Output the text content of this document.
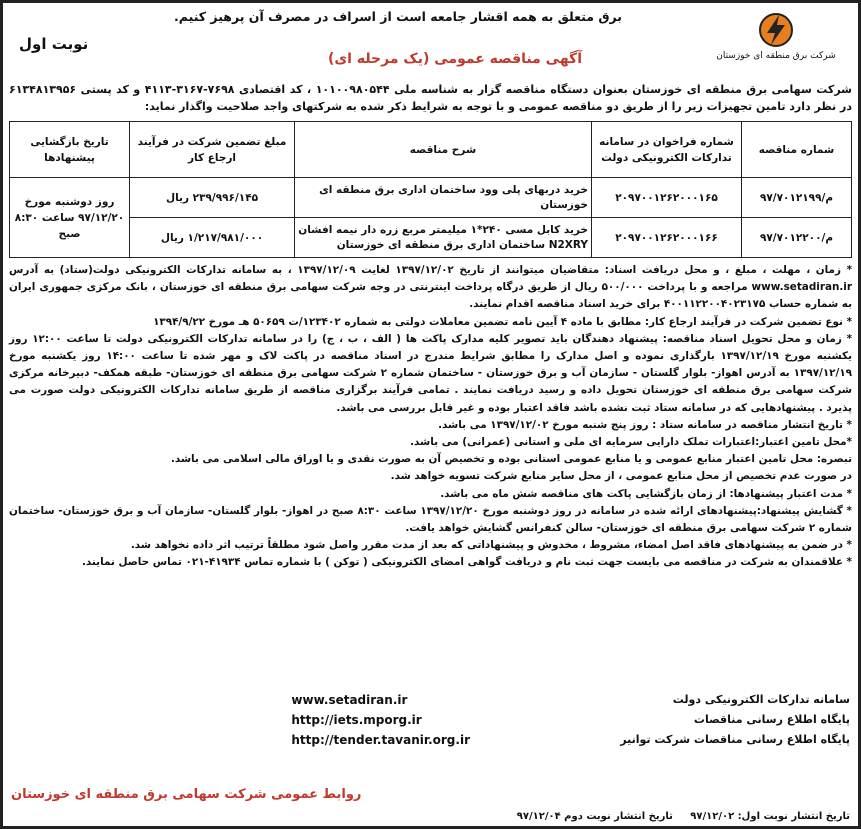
برق متعلق به همه اقشار جامعه است از اسراف در مصرف آن پرهیز کنیم.
نوبت اول
آگهی مناقصه عمومی (یک مرحله ای)	شرکت برق منطقه ای خوزستان
شرکت سهامی برق منطقه ای خوزستان بعنوان دستگاه مناقصه گزار به شناسه ملی ۱۰۱۰۰۹۸۰۵۴۴ ، کد اقتصادی ۷۶۹۸-۳۱۶۷-۴۱۱۳ و کد پستی ۶۱۳۴۸۱۳۹۵۶ در نظر دارد تامین تجهیزات زیر را از طریق دو مناقصه عمومی و با توجه به شرایط ذکر شده به شرکتهای واجد صلاحیت واگذار نماید:
شماره مناقصه	شماره فراخوان در سامانه تدارکات الکترونیکی دولت	شرح مناقصه	مبلغ تضمین شرکت در فرآیند ارجاع کار	تاریخ بازگشایی پیشنهادها
م/۹۷/۷۰۱۲۱۹۹	۲۰۹۷۰۰۱۲۶۲۰۰۰۱۶۵	خرید دربهای پلی وود ساختمان اداری برق منطقه ای خوزستان	۲۳۹/۹۹۶/۱۴۵ ریال	روز دوشنبه مورخ ۹۷/۱۲/۲۰ ساعت ۸:۳۰ صبح
م/۹۷/۷۰۱۲۲۰۰	۲۰۹۷۰۰۱۲۶۲۰۰۰۱۶۶	خرید کابل مسی ۲۴۰*۱ میلیمتر مربع زره دار نیمه افشان N2XRY ساختمان اداری برق منطقه ای خوزستان	۱/۲۱۷/۹۸۱/۰۰۰ ریال	

* زمان ، مهلت ، مبلغ ، و محل دریافت اسناد: متقاضیان میتوانند از تاریخ ۱۳۹۷/۱۲/۰۲ لغایت ۱۳۹۷/۱۲/۰۹ ، به سامانه تدارکات الکترونیکی دولت(ستاد) به آدرس www.setadiran.ir مراجعه و با پرداخت ۵۰۰/۰۰۰ ریال از طریق درگاه پرداخت اینترنتی در وجه شرکت سهامی برق منطقه ای خوزستان ، بانک مرکزی جمهوری ایران به شماره حساب ۴۰۰۱۱۲۲۰۰۴۰۲۳۱۷۵ برای خرید اسناد مناقصه اقدام نمایند.

* نوع تضمین شرکت در فرآیند ارجاع کار: مطابق با ماده ۴ آیین نامه تضمین معاملات دولتی به شماره ۱۲۳۴۰۲/ت ۵۰۶۵۹ هـ مورخ ۱۳۹۴/۹/۲۲

* زمان و محل تحویل اسناد مناقصه: پیشنهاد دهندگان باید تصویر کلیه مدارک پاکت ها ( الف ، ب ، ج) را در سامانه تدارکات الکترونیکی دولت تا ساعت ۱۲:۰۰ روز یکشنبه مورخ ۱۳۹۷/۱۲/۱۹ بارگذاری نموده و اصل مدارک را مطابق شرایط مندرج در اسناد مناقصه در پاکت لاک و مهر شده تا ساعت ۱۴:۰۰ روز یکشنبه مورخ ۱۳۹۷/۱۲/۱۹ به آدرس اهواز- بلوار گلستان - سازمان آب و برق خوزستان - ساختمان شماره ۲ شرکت سهامی برق منطقه ای خوزستان- طبقه همکف- دبیرخانه مرکزی شرکت سهامی برق منطقه ای خوزستان تحویل داده و رسید دریافت نمایند . تمامی فرآیند برگزاری مناقصه از طریق سامانه تدارکات الکترونیکی دولت صورت می پذیرد . پیشنهادهایی که در سامانه ستاد ثبت نشده باشد فاقد اعتبار بوده و غیر قابل بررسی می باشد.

* تاریخ انتشار مناقصه در سامانه ستاد : روز پنج شنبه مورخ ۱۳۹۷/۱۲/۰۲ می باشد.

*محل تامین اعتبار:اعتبارات تملک دارایی سرمایه ای ملی و استانی (عمرانی) می باشد.

تبصره: محل تامین اعتبار منابع عمومی و یا منابع عمومی استانی بوده و تخصیص آن به صورت نقدی و یا اوراق مالی اسلامی می باشد.

در صورت عدم تخصیص از محل منابع عمومی ، از محل سایر منابع شرکت تسویه خواهد شد.

* مدت اعتبار پیشنهادها: از زمان بازگشایی پاکت های مناقصه شش ماه می باشد.

* گشایش پیشنهاد:پیشنهادهای ارائه شده در سامانه در روز دوشنبه مورخ ۱۳۹۷/۱۲/۲۰ ساعت ۸:۳۰ صبح در اهواز- بلوار گلستان- سازمان آب و برق خوزستان- ساختمان شماره ۲ شرکت سهامی برق منطقه ای خوزستان- سالن کنفرانس گشایش خواهد یافت.

* در ضمن به پیشنهادهای فاقد اصل امضاء، مشروط ، مخدوش و پیشنهاداتی که بعد از مدت مقرر واصل شود مطلقاً ترتیب اثر داده نخواهد شد.

* علاقمندان به شرکت در مناقصه می بایست جهت ثبت نام و دریافت گواهی امضای الکترونیکی ( توکن ) با شماره تماس ۴۱۹۳۴-۰۲۱ تماس حاصل نمایند.

سامانه تدارکات الکترونیکی دولت
پایگاه اطلاع رسانی مناقصات
پایگاه اطلاع رسانی مناقصات شرکت توانیر
www.setadiran.ir
http://iets.mporg.ir
http://tender.tavanir.org.ir
روابط عمومی شرکت سهامی برق منطقه ای خوزستان
تاریخ انتشار نوبت اول: ۹۷/۱۲/۰۲     تاریخ انتشار نوبت دوم ۹۷/۱۲/۰۴
